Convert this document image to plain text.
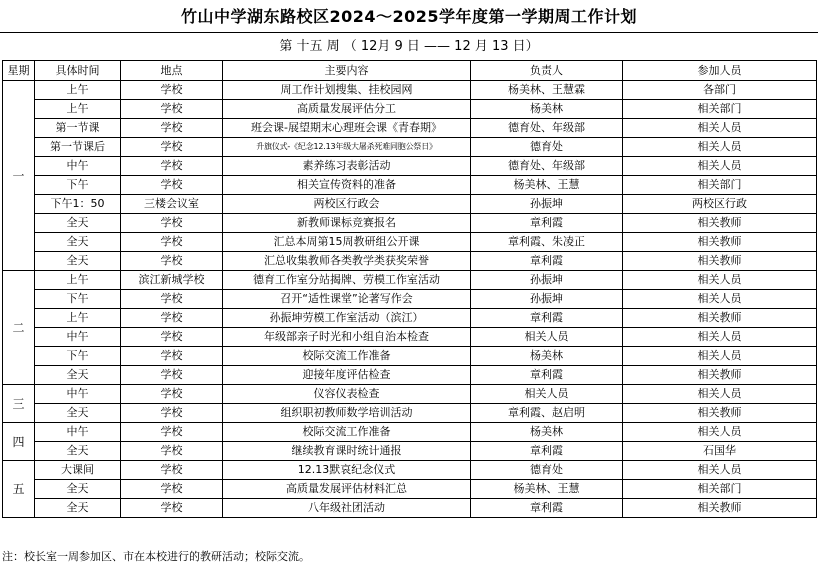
竹山中学湖东路校区2024～2025学年度第一学期周工作计划
第 十五 周 （ 12月 9 日 —— 12 月 13 日）
星期	具体时间	地点	主要内容	负责人	参加人员
一	上午	学校	周工作计划搜集、挂校园网	杨美林、王慧霖	各部门
	上午	学校	高质量发展评估分工	杨美林	相关部门
	第一节课	学校	班会课-展望期末心理班会课《青春期》	德育处、年级部	相关人员
	第一节课后	学校	升旗仪式-《纪念12.13年级大屠杀死难同胞公祭日》	德育处	相关人员
	中午	学校	素养练习表彰活动	德育处、年级部	相关人员
	下午	学校	相关宣传资料的准备	杨美林、王慧	相关部门
	下午1：50	三楼会议室	两校区行政会	孙振坤	两校区行政
	全天	学校	新教师课标竞赛报名	章利霞	相关教师
	全天	学校	汇总本周第15周教研组公开课	章利霞、朱凌正	相关教师
	全天	学校	汇总收集教师各类教学类获奖荣誉	章利霞	相关教师
二	上午	滨江新城学校	德育工作室分站揭牌、劳模工作室活动	孙振坤	相关人员
	下午	学校	召开“适性课堂”论著写作会	孙振坤	相关人员
	上午	学校	孙振坤劳模工作室活动（滨江）	章利霞	相关教师
	中午	学校	年级部亲子时光和小组自治本检查	相关人员	相关人员
	下午	学校	校际交流工作准备	杨美林	相关人员
	全天	学校	迎接年度评估检查	章利霞	相关教师
三	中午	学校	仪容仪表检查	相关人员	相关人员
	全天	学校	组织职初教师数学培训活动	章利霞、赵启明	相关教师
四	中午	学校	校际交流工作准备	杨美林	相关人员
	全天	学校	继续教育课时统计通报	章利霞	石国华
五	大课间	学校	12.13默哀纪念仪式	德育处	相关人员
	全天	学校	高质量发展评估材料汇总	杨美林、王慧	相关部门
	全天	学校	八年级社团活动	章利霞	相关教师
注：校长室一周参加区、市在本校进行的教研活动；校际交流。
